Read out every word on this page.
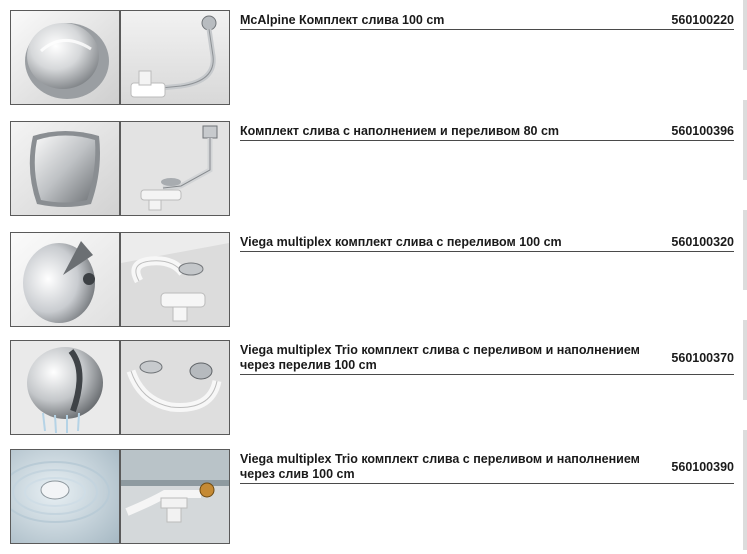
McAlpine Комплект слива 100 cm	560100220
Комплект слива с наполнением и переливом 80 cm	560100396
Viega multiplex комплект слива с переливом 100 cm	560100320
Viega multiplex Trio комплект слива с переливом и наполнением через перелив 100 cm	560100370
Viega multiplex Trio комплект слива с переливом и наполнением через слив 100 cm	560100390
